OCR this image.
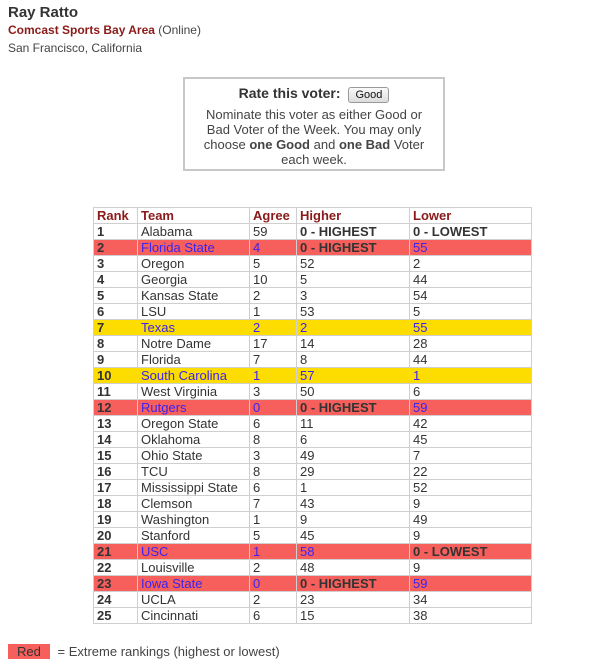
Ray Ratto
Comcast Sports Bay Area (Online)
San Francisco, California
Rate this voter: Good
Nominate this voter as either Good or Bad Voter of the Week. You may only choose one Good and one Bad Voter each week.
Rank	Team	Agree	Higher	Lower
1	Alabama	59	0 - HIGHEST	0 - LOWEST
2	Florida State	4	0 - HIGHEST	55
3	Oregon	5	52	2
4	Georgia	10	5	44
5	Kansas State	2	3	54
6	LSU	1	53	5
7	Texas	2	2	55
8	Notre Dame	17	14	28
9	Florida	7	8	44
10	South Carolina	1	57	1
11	West Virginia	3	50	6
12	Rutgers	0	0 - HIGHEST	59
13	Oregon State	6	11	42
14	Oklahoma	8	6	45
15	Ohio State	3	49	7
16	TCU	8	29	22
17	Mississippi State	6	1	52
18	Clemson	7	43	9
19	Washington	1	9	49
20	Stanford	5	45	9
21	USC	1	58	0 - LOWEST
22	Louisville	2	48	9
23	Iowa State	0	0 - HIGHEST	59
24	UCLA	2	23	34
25	Cincinnati	6	15	38
Red = Extreme rankings (highest or lowest)
